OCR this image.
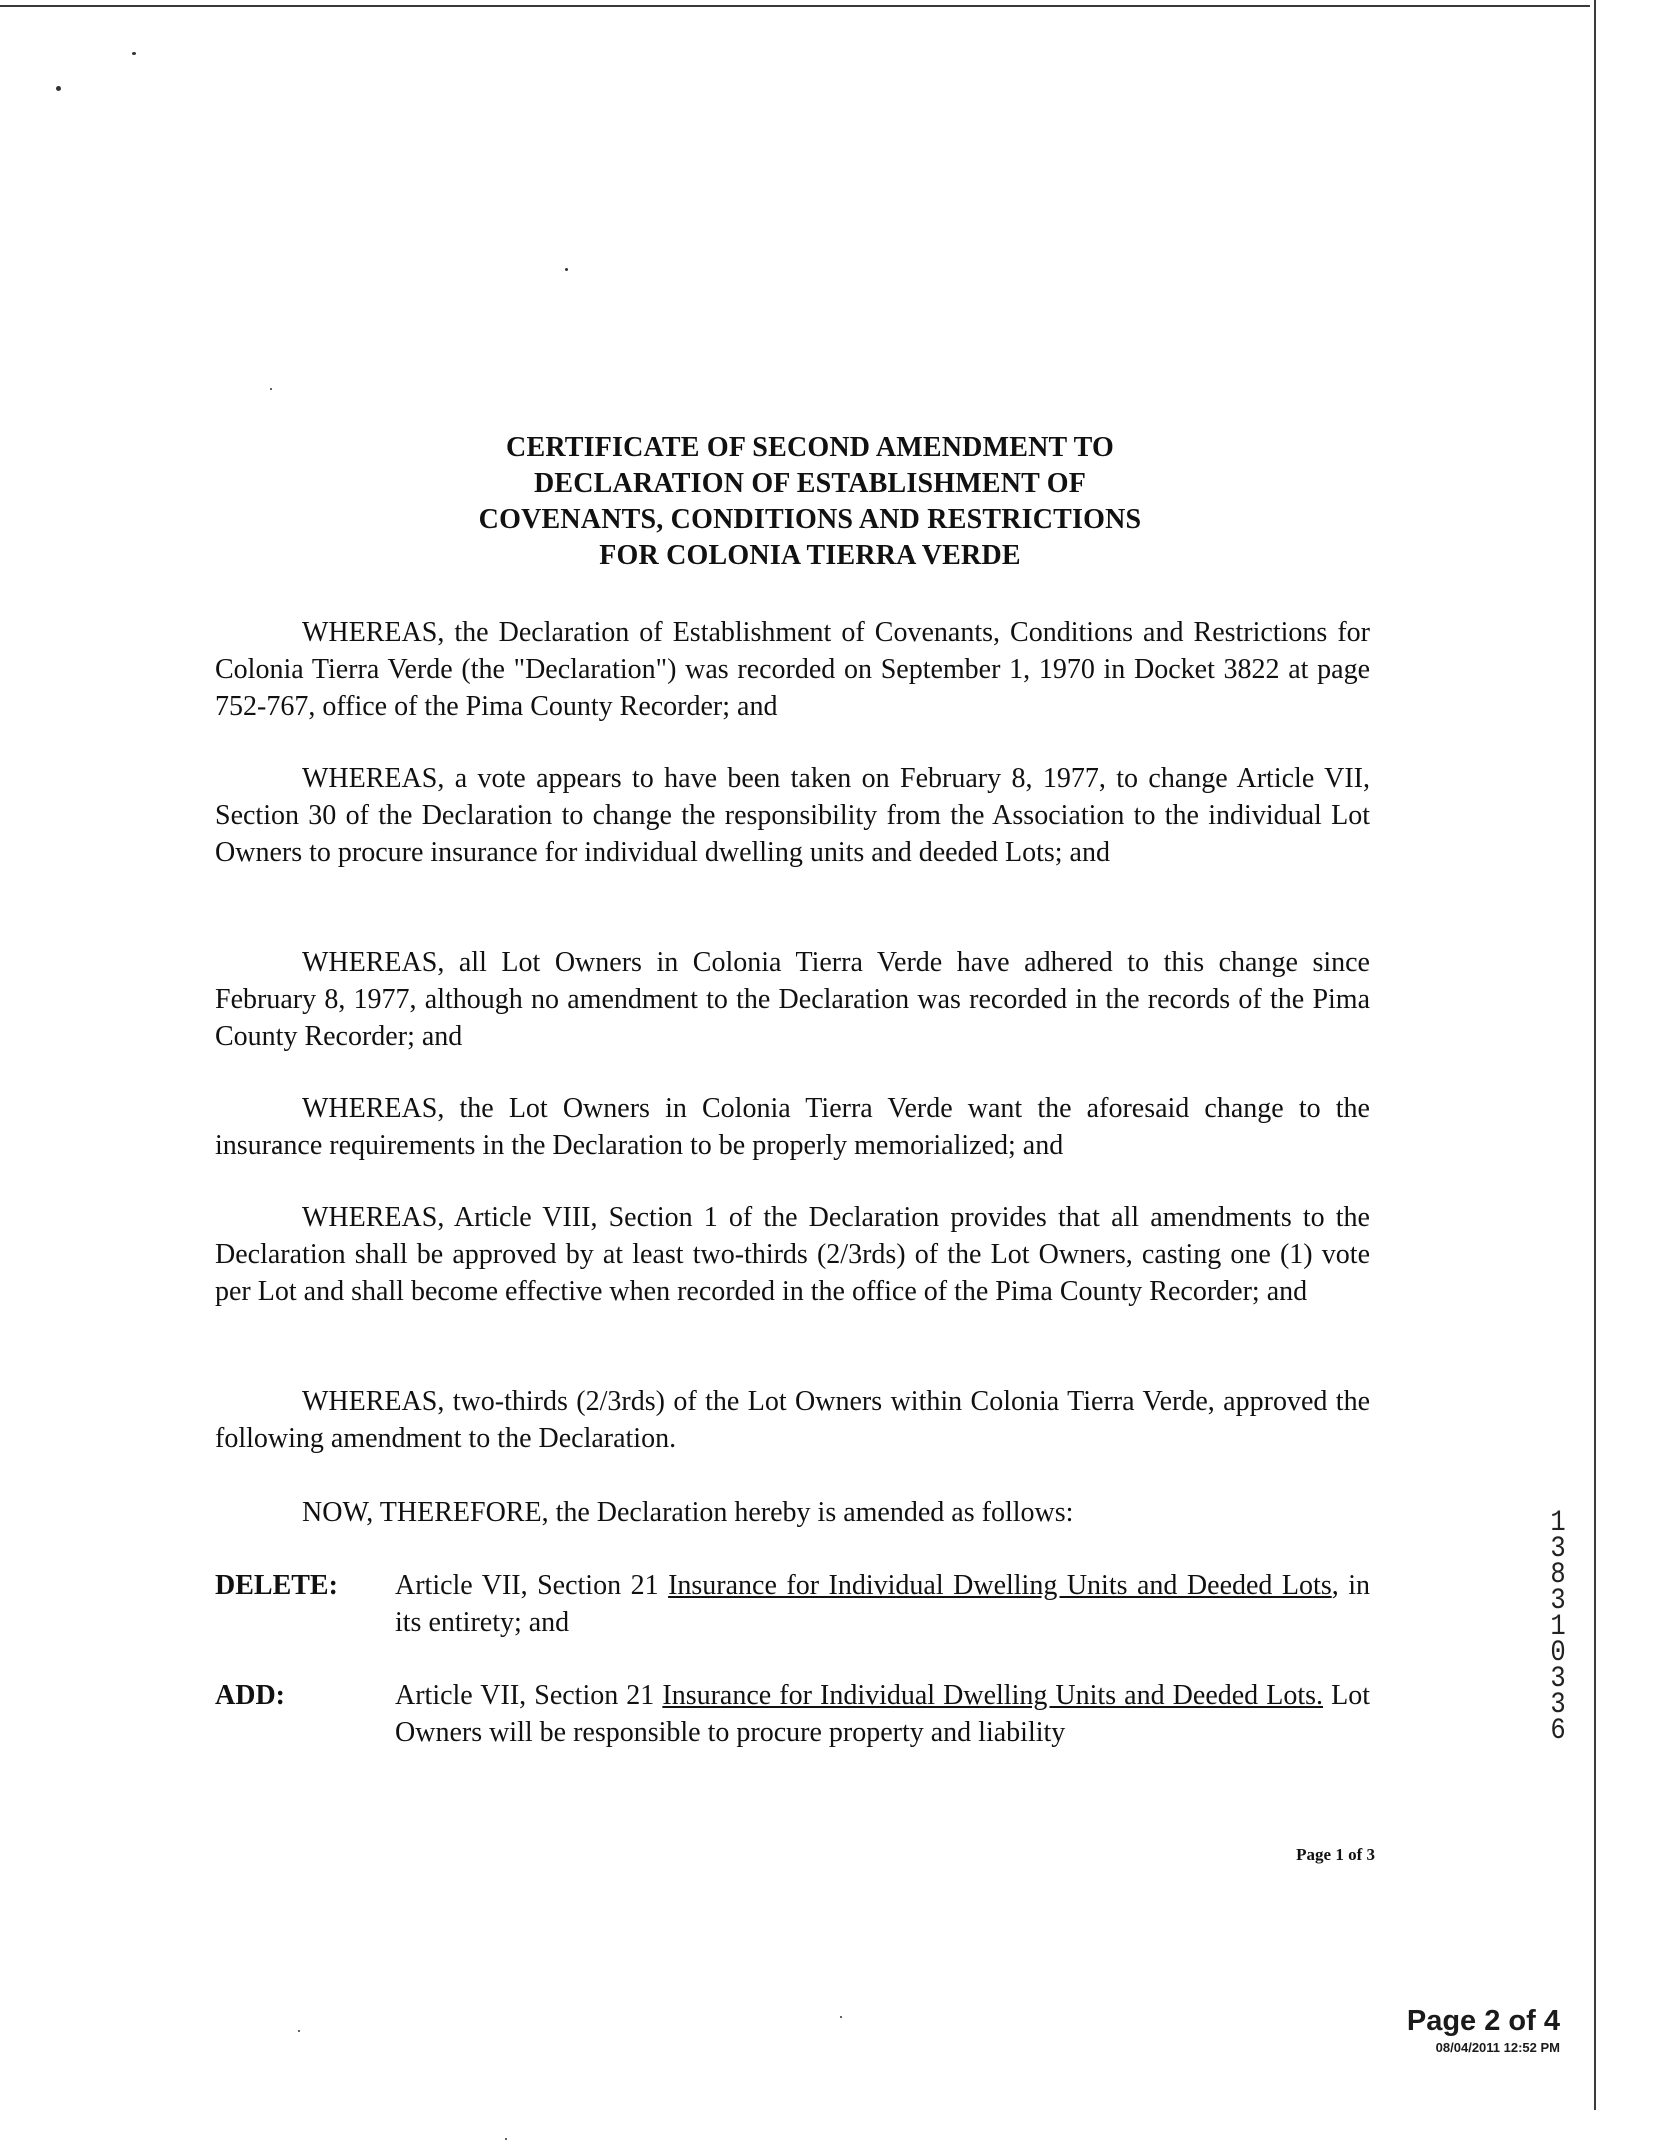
CERTIFICATE OF SECOND AMENDMENT TO
DECLARATION OF ESTABLISHMENT OF
COVENANTS, CONDITIONS AND RESTRICTIONS
FOR COLONIA TIERRA VERDE
WHEREAS, the Declaration of Establishment of Covenants, Conditions and Restrictions for Colonia Tierra Verde (the "Declaration") was recorded on September 1, 1970 in Docket 3822 at page 752-767, office of the Pima County Recorder; and
WHEREAS, a vote appears to have been taken on February 8, 1977, to change Article VII, Section 30 of the Declaration to change the responsibility from the Association to the individual Lot Owners to procure insurance for individual dwelling units and deeded Lots; and
WHEREAS, all Lot Owners in Colonia Tierra Verde have adhered to this change since February 8, 1977, although no amendment to the Declaration was recorded in the records of the Pima County Recorder; and
WHEREAS, the Lot Owners in Colonia Tierra Verde want the aforesaid change to the insurance requirements in the Declaration to be properly memorialized; and
WHEREAS, Article VIII, Section 1 of the Declaration provides that all amendments to the Declaration shall be approved by at least two-thirds (2/3rds) of the Lot Owners, casting one (1) vote per Lot and shall become effective when recorded in the office of the Pima County Recorder; and
WHEREAS, two-thirds (2/3rds) of the Lot Owners within Colonia Tierra Verde, approved the following amendment to the Declaration.
NOW, THEREFORE, the Declaration hereby is amended as follows:
DELETE:	Article VII, Section 21 Insurance for Individual Dwelling Units and Deeded Lots, in its entirety; and
ADD:	Article VII, Section 21 Insurance for Individual Dwelling Units and Deeded Lots. Lot Owners will be responsible to procure property and liability
Page 1 of 3
13831 0336
Page 2 of 4
08/04/2011 12:52 PM
